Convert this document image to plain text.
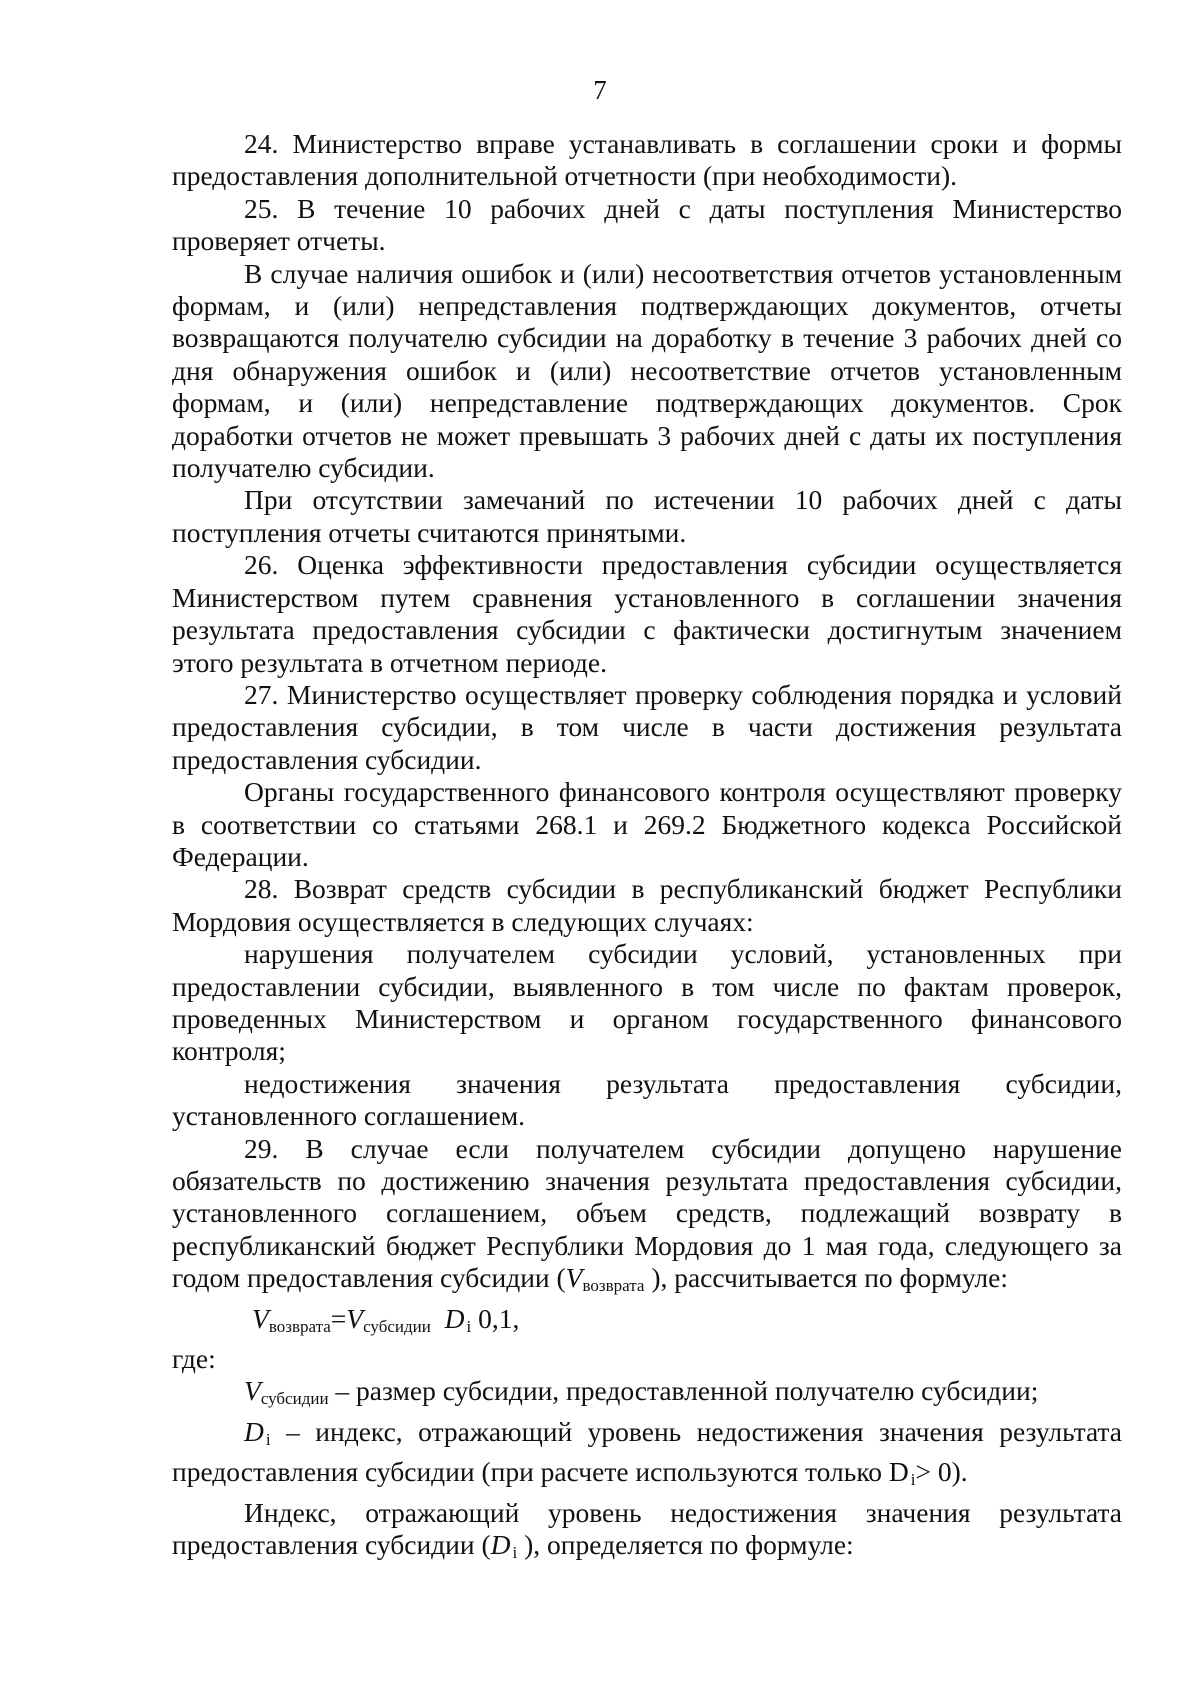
7

24. Министерство вправе устанавливать в соглашении сроки и формы предоставления дополнительной отчетности (при необходимости).

25. В течение 10 рабочих дней с даты поступления Министерство проверяет отчеты.

В случае наличия ошибок и (или) несоответствия отчетов установленным формам, и (или) непредставления подтверждающих документов, отчеты возвращаются получателю субсидии на доработку в течение 3 рабочих дней со дня обнаружения ошибок и (или) несоответствие отчетов установленным формам, и (или) непредставление подтверждающих документов. Срок доработки отчетов не может превышать 3 рабочих дней с даты их поступления получателю субсидии.

При отсутствии замечаний по истечении 10 рабочих дней с даты поступления отчеты считаются принятыми.

26. Оценка эффективности предоставления субсидии осуществляется Министерством путем сравнения установленного в соглашении значения результата предоставления субсидии с фактически достигнутым значением этого результата в отчетном периоде.

27. Министерство осуществляет проверку соблюдения порядка и условий предоставления субсидии, в том числе в части достижения результата предоставления субсидии.

Органы государственного финансового контроля осуществляют проверку в соответствии со статьями 268.1 и 269.2 Бюджетного кодекса Российской Федерации.

28. Возврат средств субсидии в республиканский бюджет Республики Мордовия осуществляется в следующих случаях:

нарушения получателем субсидии условий, установленных при предоставлении субсидии, выявленного в том числе по фактам проверок, проведенных Министерством и органом государственного финансового контроля;

недостижения значения результата предоставления субсидии, установленного соглашением.

29. В случае если получателем субсидии допущено нарушение обязательств по достижению значения результата предоставления субсидии, установленного соглашением, объем средств, подлежащий возврату в республиканский бюджет Республики Мордовия до 1 мая года, следующего за годом предоставления субсидии ($V_{возврата}$ ), рассчитывается по формуле:

$V_{возврата}=V_{субсидии}$ D i 0,1,

где:

$V_{субсидии}$ – размер субсидии, предоставленной получателю субсидии;

Di – индекс, отражающий уровень недостижения значения результата предоставления субсидии (при расчете используются только D i> 0).

Индекс, отражающий уровень недостижения значения результата предоставления субсидии (D i ), определяется по формуле:
